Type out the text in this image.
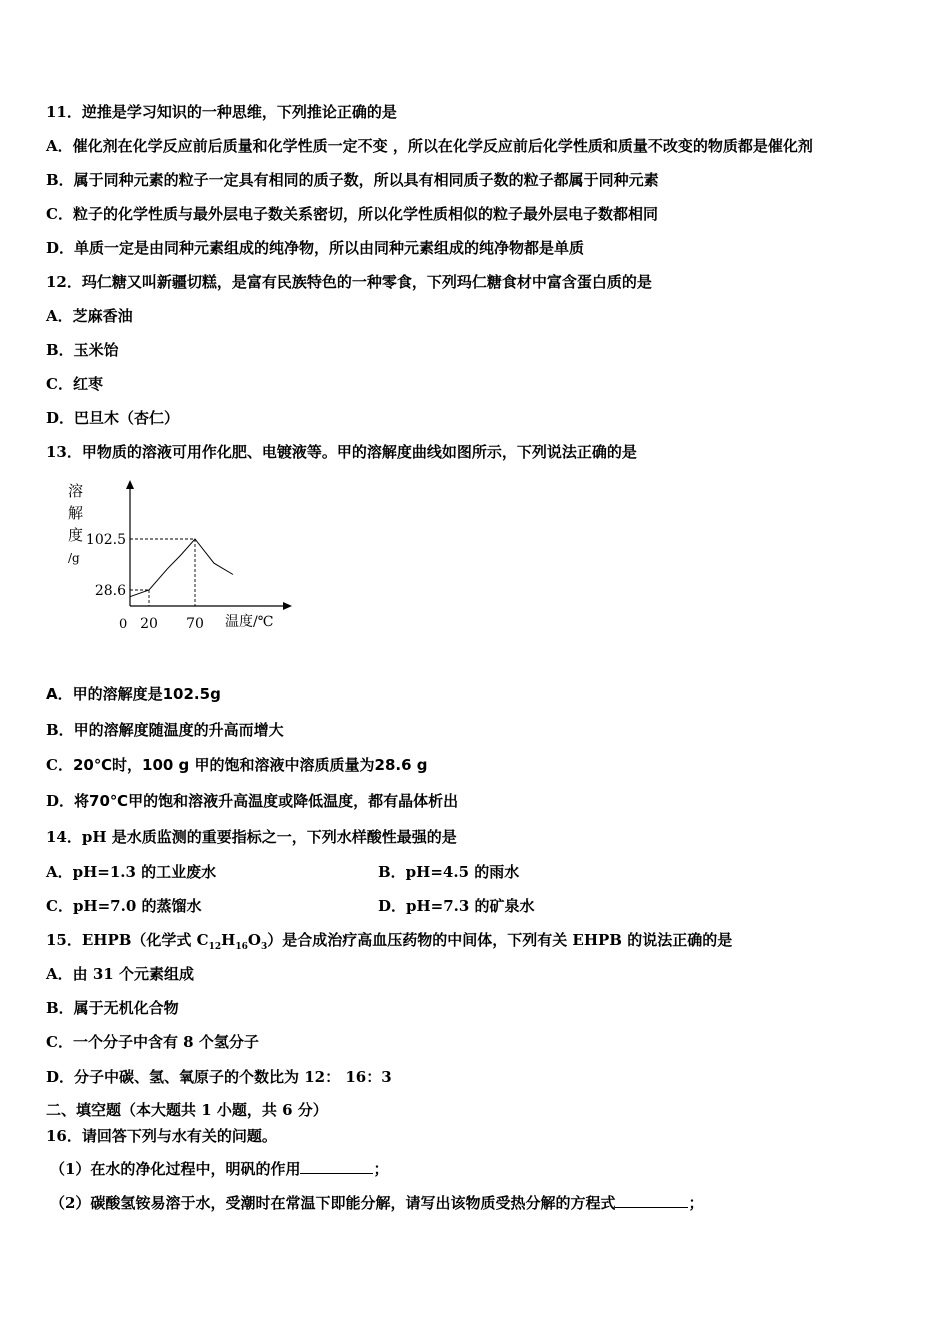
11．逆推是学习知识的一种思维，下列推论正确的是
A．催化剂在化学反应前后质量和化学性质一定不变 ，所以在化学反应前后化学性质和质量不改变的物质都是催化剂
B．属于同种元素的粒子一定具有相同的质子数，所以具有相同质子数的粒子都属于同种元素
C．粒子的化学性质与最外层电子数关系密切，所以化学性质相似的粒子最外层电子数都相同
D．单质一定是由同种元素组成的纯净物，所以由同种元素组成的纯净物都是单质
12．玛仁糖又叫新疆切糕，是富有民族特色的一种零食，下列玛仁糖食材中富含蛋白质的是
A．芝麻香油
B．玉米饴
C．红枣
D．巴旦木（杏仁）
13．甲物质的溶液可用作化肥、电镀液等。甲的溶解度曲线如图所示，下列说法正确的是
溶
解
度
/g
28.6
102.5
20 70 温度/℃
0
A．甲的溶解度是102.5g
B．甲的溶解度随温度的升高而增大
C．20℃时，100 g 甲的饱和溶液中溶质质量为28.6 g
D．将70℃甲的饱和溶液升高温度或降低温度，都有晶体析出
14．pH 是水质监测的重要指标之一，下列水样酸性最强的是
A．pH=1.3 的工业废水	B．pH=4.5 的雨水
C．pH=7.0 的蒸馏水	D．pH=7.3 的矿泉水
15．EHPB（化学式 $C_{12}H_{16}O_3$）是合成治疗高血压药物的中间体，下列有关 EHPB 的说法正确的是
A．由 31 个元素组成
B．属于无机化合物
C．一个分子中含有 8 个氢分子
D．分子中碳、氢、氧原子的个数比为 12： 16：3
二、填空题（本大题共 1 小题，共 6 分）
16．请回答下列与水有关的问题。
（1）在水的净化过程中，明矾的作用	；
（2）碳酸氢铵易溶于水，受潮时在常温下即能分解，请写出该物质受热分解的方程式	；
